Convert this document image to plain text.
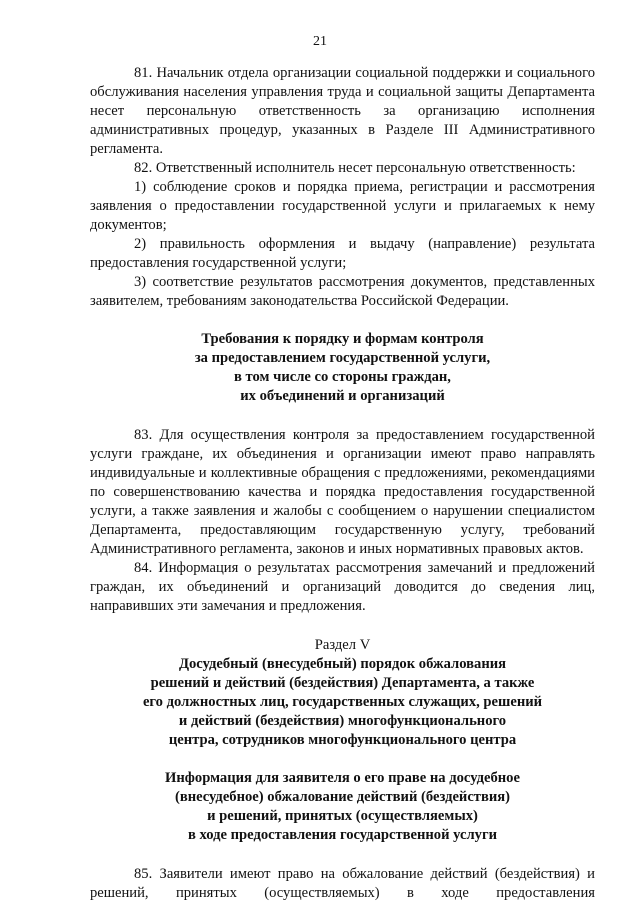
21

81. Начальник отдела организации социальной поддержки и социального обслуживания населения управления труда и социальной защиты Департамента несет персональную ответственность за организацию исполнения административных процедур, указанных в Разделе III Административного регламента.

82. Ответственный исполнитель несет персональную ответственность:

1) соблюдение сроков и порядка приема, регистрации и рассмотрения заявления о предоставлении государственной услуги и прилагаемых к нему документов;

2) правильность оформления и выдачу (направление) результата предоставления государственной услуги;

3) соответствие результатов рассмотрения документов, представленных заявителем, требованиям законодательства Российской Федерации.

Требования к порядку и формам контроля
за предоставлением государственной услуги,
в том числе со стороны граждан,
их объединений и организаций

83. Для осуществления контроля за предоставлением государственной услуги граждане, их объединения и организации имеют право направлять индивидуальные и коллективные обращения с предложениями, рекомендациями по совершенствованию качества и порядка предоставления государственной услуги, а также заявления и жалобы с сообщением о нарушении специалистом Департамента, предоставляющим государственную услугу, требований Административного регламента, законов и иных нормативных правовых актов.

84. Информация о результатах рассмотрения замечаний и предложений граждан, их объединений и организаций доводится до сведения лиц, направивших эти замечания и предложения.

Раздел V

Досудебный (внесудебный) порядок обжалования
решений и действий (бездействия) Департамента, а также
его должностных лиц, государственных служащих, решений
и действий (бездействия) многофункционального
центра, сотрудников многофункционального центра

Информация для заявителя о его праве на досудебное
(внесудебное) обжалование действий (бездействия)
и решений, принятых (осуществляемых)
в ходе предоставления государственной услуги

85. Заявители имеют право на обжалование действий (бездействия) и решений, принятых (осуществляемых) в ходе предоставления
